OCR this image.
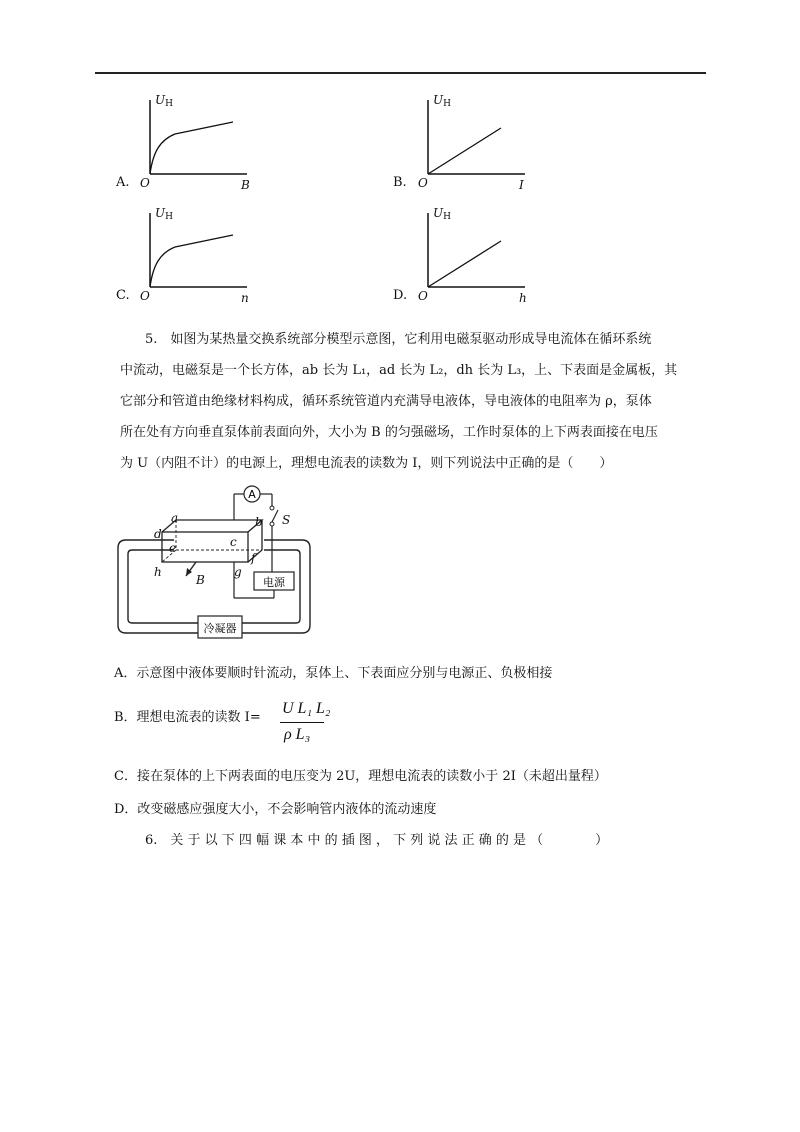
A.
UH
O	B	B.
UH
O	I
C.
UH
O	n	D.
UH
O	h
5.　如图为某热量交换系统部分模型示意图，它利用电磁泵驱动形成导电流体在循环系统
中流动，电磁泵是一个长方体，ab 长为 L₁，ad 长为 L₂，dh 长为 L₃，上、下表面是金属板，其
它部分和管道由绝缘材料构成，循环系统管道内充满导电液体，导电液体的电阻率为 ρ，泵体
所在处有方向垂直泵体前表面向外，大小为 B 的匀强磁场，工作时泵体的上下两表面接在电压
为 U（内阻不计）的电源上，理想电流表的读数为 I，则下列说法中正确的是（　　）
冷凝器
a	b
c
d
e
f
g
h
B
A
S
电源
A．示意图中液体要顺时针流动，泵体上、下表面应分别与电源正、负极相接
B．理想电流表的读数 I=
U L₁ L₂
ρ L₃
C．接在泵体的上下两表面的电压变为 2U，理想电流表的读数小于 2I（未超出量程）
D．改变磁感应强度大小，不会影响管内液体的流动速度
6.　关 于 以 下 四 幅 课 本 中 的 插 图 ， 下 列 说 法 正 确 的 是 （　　　　）
